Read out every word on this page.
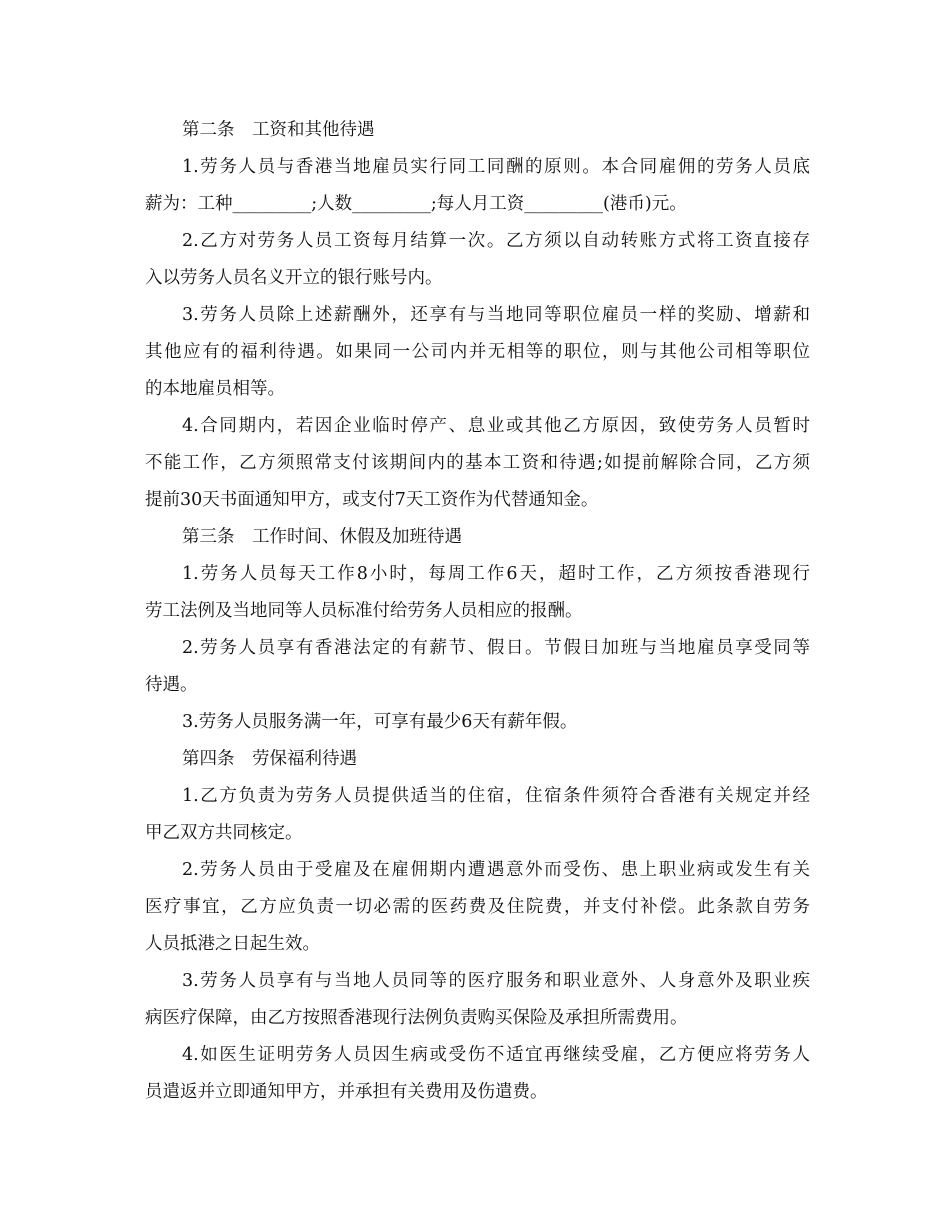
第二条　工资和其他待遇
1.劳务人员与香港当地雇员实行同工同酬的原则。本合同雇佣的劳务人员底
薪为：工种_________;人数_________;每人月工资_________(港币)元。
2.乙方对劳务人员工资每月结算一次。乙方须以自动转账方式将工资直接存
入以劳务人员名义开立的银行账号内。
3.劳务人员除上述薪酬外，还享有与当地同等职位雇员一样的奖励、增薪和
其他应有的福利待遇。如果同一公司内并无相等的职位，则与其他公司相等职位
的本地雇员相等。
4.合同期内，若因企业临时停产、息业或其他乙方原因，致使劳务人员暂时
不能工作，乙方须照常支付该期间内的基本工资和待遇;如提前解除合同，乙方须
提前30天书面通知甲方，或支付7天工资作为代替通知金。
第三条　工作时间、休假及加班待遇
1.劳务人员每天工作8小时，每周工作6天，超时工作，乙方须按香港现行
劳工法例及当地同等人员标准付给劳务人员相应的报酬。
2.劳务人员享有香港法定的有薪节、假日。节假日加班与当地雇员享受同等
待遇。
3.劳务人员服务满一年，可享有最少6天有薪年假。
第四条　劳保福利待遇
1.乙方负责为劳务人员提供适当的住宿，住宿条件须符合香港有关规定并经
甲乙双方共同核定。
2.劳务人员由于受雇及在雇佣期内遭遇意外而受伤、患上职业病或发生有关
医疗事宜，乙方应负责一切必需的医药费及住院费，并支付补偿。此条款自劳务
人员抵港之日起生效。
3.劳务人员享有与当地人员同等的医疗服务和职业意外、人身意外及职业疾
病医疗保障，由乙方按照香港现行法例负责购买保险及承担所需费用。
4.如医生证明劳务人员因生病或受伤不适宜再继续受雇，乙方便应将劳务人
员遣返并立即通知甲方，并承担有关费用及伤遣费。
